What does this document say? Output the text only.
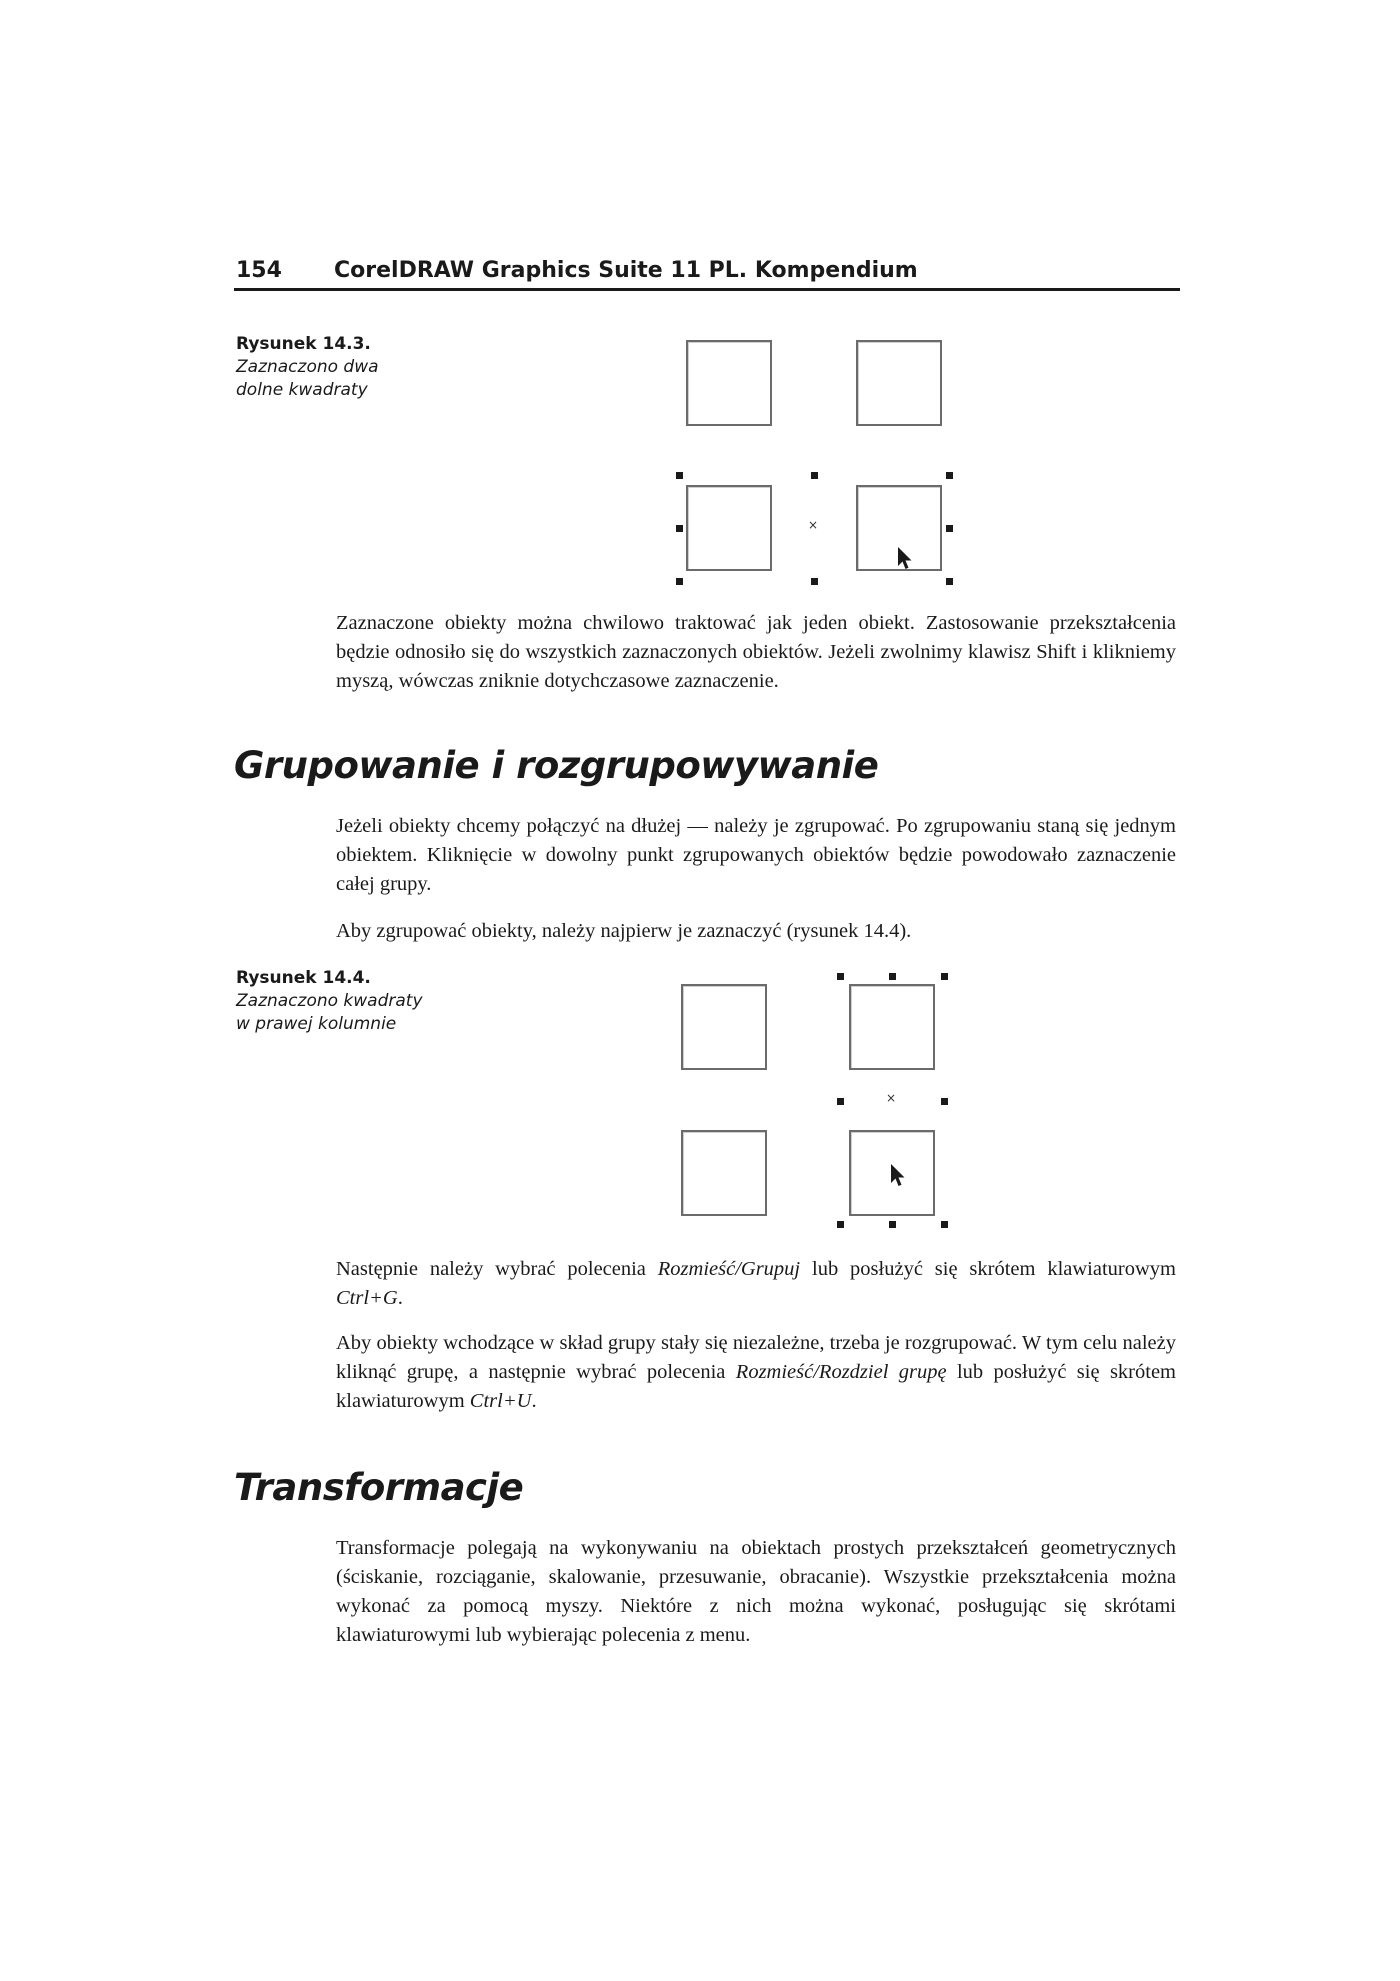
154 CorelDRAW Graphics Suite 11 PL. Kompendium
Rysunek 14.3.
Zaznaczono dwa
dolne kwadraty
×

Zaznaczone obiekty można chwilowo traktować jak jeden obiekt. Zastosowanie przekształcenia będzie odnosiło się do wszystkich zaznaczonych obiektów. Jeżeli zwolnimy klawisz Shift i klikniemy myszą, wówczas zniknie dotychczasowe zaznaczenie.

Grupowanie i rozgrupowywanie

Jeżeli obiekty chcemy połączyć na dłużej — należy je zgrupować. Po zgrupowaniu staną się jednym obiektem. Kliknięcie w dowolny punkt zgrupowanych obiektów będzie powodowało zaznaczenie całej grupy.

Aby zgrupować obiekty, należy najpierw je zaznaczyć (rysunek 14.4).

Rysunek 14.4.
Zaznaczono kwadraty
w prawej kolumnie
×

Następnie należy wybrać polecenia Rozmieść/Grupuj lub posłużyć się skrótem klawiaturowym Ctrl+G.

Aby obiekty wchodzące w skład grupy stały się niezależne, trzeba je rozgrupować. W tym celu należy kliknąć grupę, a następnie wybrać polecenia Rozmieść/Rozdziel grupę lub posłużyć się skrótem klawiaturowym Ctrl+U.

Transformacje

Transformacje polegają na wykonywaniu na obiektach prostych przekształceń geometrycznych (ściskanie, rozciąganie, skalowanie, przesuwanie, obracanie). Wszystkie przekształcenia można wykonać za pomocą myszy. Niektóre z nich można wykonać, posługując się skrótami klawiaturowymi lub wybierając polecenia z menu.
